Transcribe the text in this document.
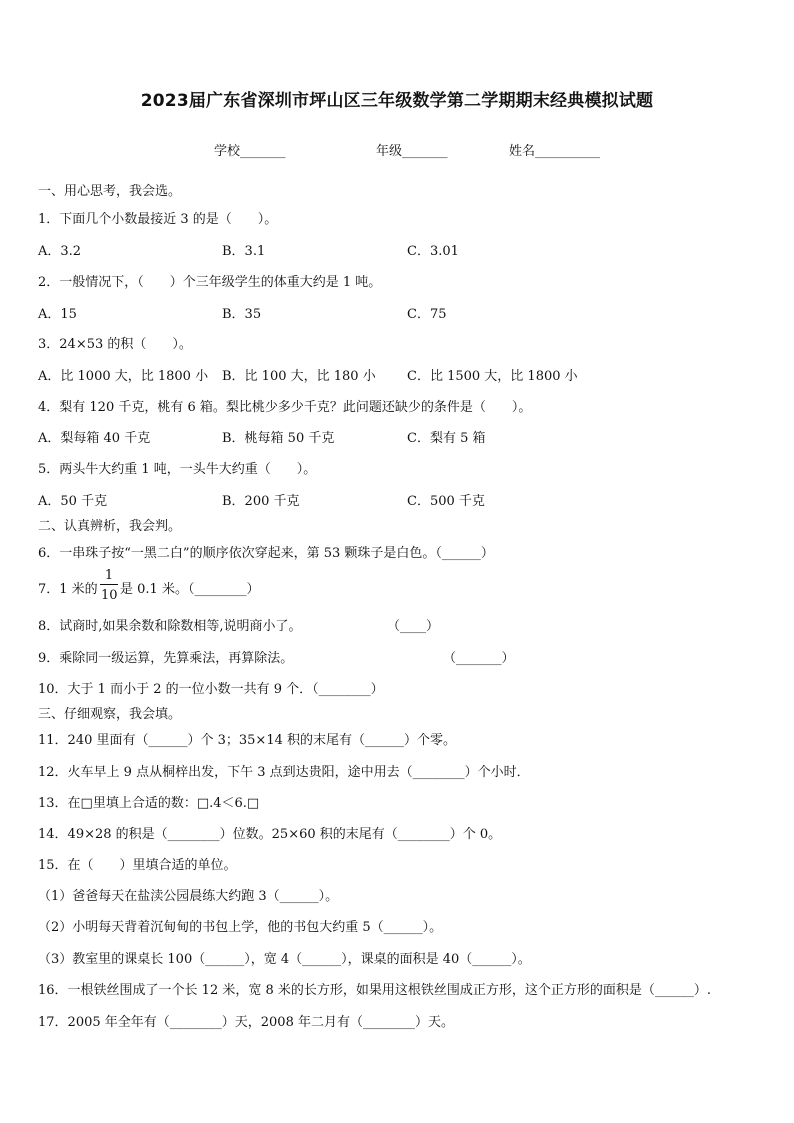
2023届广东省深圳市坪山区三年级数学第二学期期末经典模拟试题
学校_______	年级_______	姓名__________
一、用心思考，我会选。
1．下面几个小数最接近 3 的是（　　）。
A．3.2	B．3.1	C．3.01
2．一般情况下，（　　）个三年级学生的体重大约是 1 吨。
A．15	B．35	C．75
3．24×53 的积（　　）。
A．比 1000 大，比 1800 小 B．比 100 大，比 180 小 C．比 1500 大，比 1800 小
4．梨有 120 千克，桃有 6 箱。梨比桃少多少千克？此问题还缺少的条件是（　　）。
A．梨每箱 40 千克	B．桃每箱 50 千克	C．梨有 5 箱
5．两头牛大约重 1 吨，一头牛大约重（　　）。
A．50 千克	B．200 千克	C．500 千克
二、认真辨析，我会判。
6．一串珠子按“一黑二白”的顺序依次穿起来，第 53 颗珠子是白色。（______）
7．1 米的
1
10 是 0.1 米。（________）
8．试商时,如果余数和除数相等,说明商小了。	（____）
9．乘除同一级运算，先算乘法，再算除法。	（_______）
10．大于 1 而小于 2 的一位小数一共有 9 个．（________）
三、仔细观察，我会填。
11．240 里面有（______）个 3；35×14 积的末尾有（______）个零。
12．火车早上 9 点从桐梓出发，下午 3 点到达贵阳，途中用去（________）个小时．
13．在□里填上合适的数：□.4＜6.□
14．49×28 的积是（________）位数。25×60 积的末尾有（________）个 0。
15．在（　　）里填合适的单位。
（1）爸爸每天在盐渎公园晨练大约跑 3（______）。
（2）小明每天背着沉甸甸的书包上学，他的书包大约重 5（______）。
（3）教室里的课桌长 100（______），宽 4（______），课桌的面积是 40（______）。
16．一根铁丝围成了一个长 12 米，宽 8 米的长方形，如果用这根铁丝围成正方形，这个正方形的面积是（______）.
17．2005 年全年有（________）天，2008 年二月有（________）天。
